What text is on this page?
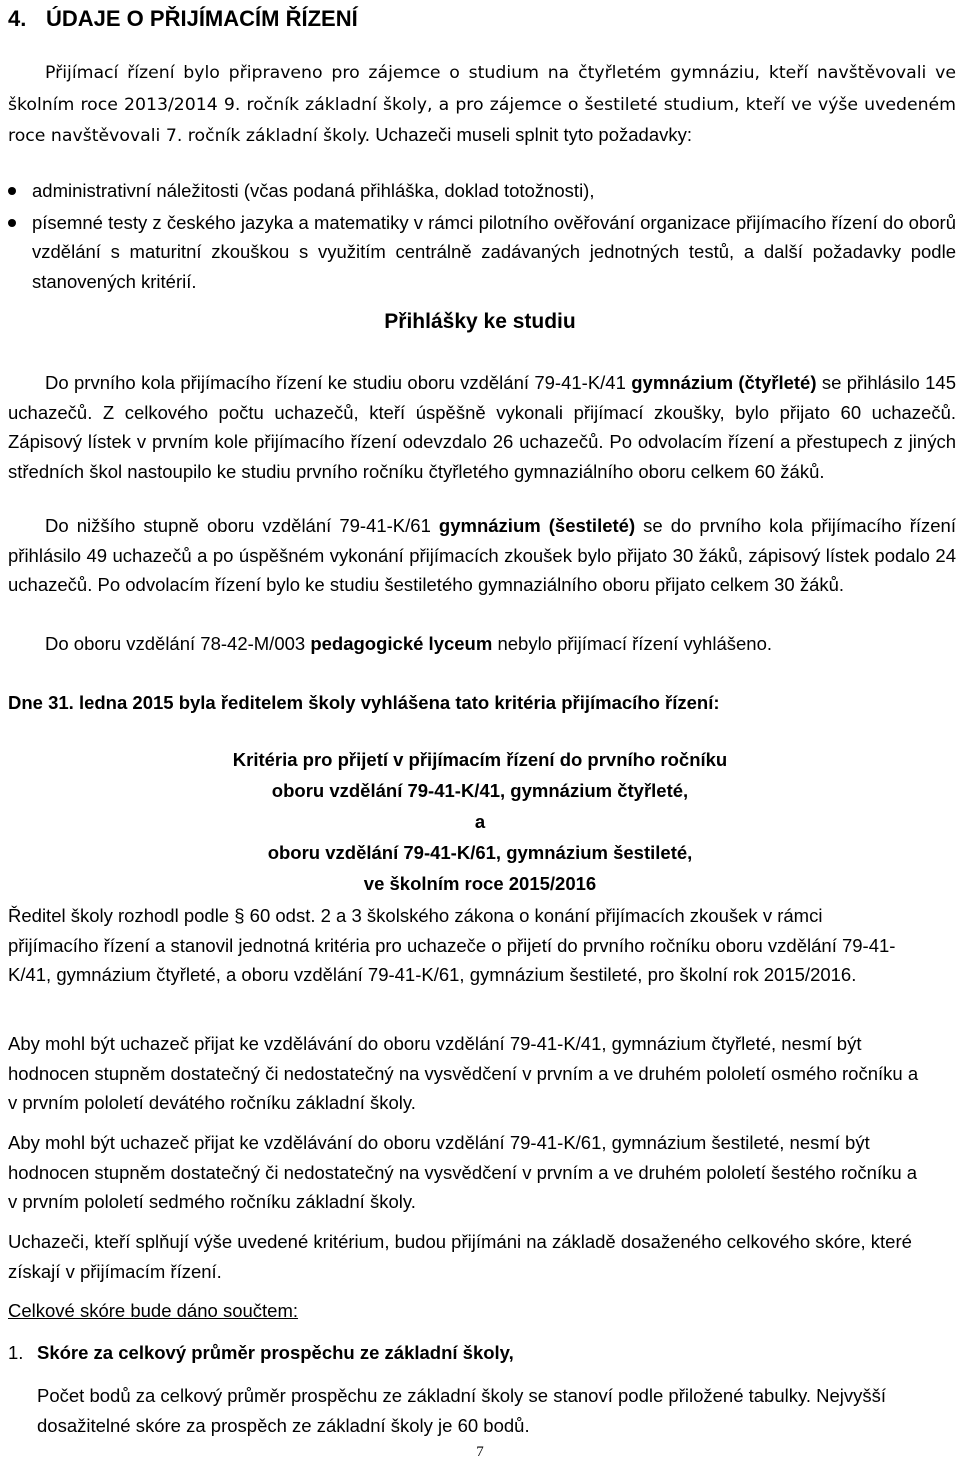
4. ÚDAJE O PŘIJÍMACÍM ŘÍZENÍ

Přijímací řízení bylo připraveno pro zájemce o studium na čtyřletém gymnáziu, kteří navštěvovali ve školním roce 2013/2014 9. ročník základní školy, a pro zájemce o šestileté studium, kteří ve výše uvedeném roce navštěvovali 7. ročník základní školy. Uchazeči museli splnit tyto požadavky:

administrativní náležitosti (včas podaná přihláška, doklad totožnosti),
písemné testy z českého jazyka a matematiky v rámci pilotního ověřování organizace přijímacího řízení do oborů vzdělání s maturitní zkouškou s využitím centrálně zadávaných jednotných testů, a další požadavky podle stanovených kritérií.
Přihlášky ke studiu

Do prvního kola přijímacího řízení ke studiu oboru vzdělání 79-41-K/41 gymnázium (čtyřleté) se přihlásilo 145 uchazečů. Z celkového počtu uchazečů, kteří úspěšně vykonali přijímací zkoušky, bylo přijato 60 uchazečů. Zápisový lístek v prvním kole přijímacího řízení odevzdalo 26 uchazečů. Po odvolacím řízení a přestupech z jiných středních škol nastoupilo ke studiu prvního ročníku čtyřletého gymnaziálního oboru celkem 60 žáků.

Do nižšího stupně oboru vzdělání 79-41-K/61 gymnázium (šestileté) se do prvního kola přijímacího řízení přihlásilo 49 uchazečů a po úspěšném vykonání přijímacích zkoušek bylo přijato 30 žáků, zápisový lístek podalo 24 uchazečů. Po odvolacím řízení bylo ke studiu šestiletého gymnaziálního oboru přijato celkem 30 žáků.

Do oboru vzdělání 78-42-M/003 pedagogické lyceum nebylo přijímací řízení vyhlášeno.

Dne 31. ledna 2015 byla ředitelem školy vyhlášena tato kritéria přijímacího řízení:

Kritéria pro přijetí v přijímacím řízení do prvního ročníku
oboru vzdělání 79-41-K/41, gymnázium čtyřleté,
a
oboru vzdělání 79-41-K/61, gymnázium šestileté,
ve školním roce 2015/2016

Ředitel školy rozhodl podle § 60 odst. 2 a 3 školského zákona o konání přijímacích zkoušek v rámci přijímacího řízení a stanovil jednotná kritéria pro uchazeče o přijetí do prvního ročníku oboru vzdělání 79-41-K/41, gymnázium čtyřleté, a oboru vzdělání 79-41-K/61, gymnázium šestileté, pro školní rok 2015/2016.

Aby mohl být uchazeč přijat ke vzdělávání do oboru vzdělání 79-41-K/41, gymnázium čtyřleté, nesmí být hodnocen stupněm dostatečný či nedostatečný na vysvědčení v prvním a ve druhém pololetí osmého ročníku a v prvním pololetí devátého ročníku základní školy.

Aby mohl být uchazeč přijat ke vzdělávání do oboru vzdělání 79-41-K/61, gymnázium šestileté, nesmí být hodnocen stupněm dostatečný či nedostatečný na vysvědčení v prvním a ve druhém pololetí šestého ročníku a v prvním pololetí sedmého ročníku základní školy.

Uchazeči, kteří splňují výše uvedené kritérium, budou přijímáni na základě dosaženého celkového skóre, které získají v přijímacím řízení.

Celkové skóre bude dáno součtem:

1. Skóre za celkový průměr prospěchu ze základní školy,

Počet bodů za celkový průměr prospěchu ze základní školy se stanoví podle přiložené tabulky. Nejvyšší dosažitelné skóre za prospěch ze základní školy je 60 bodů.

7
